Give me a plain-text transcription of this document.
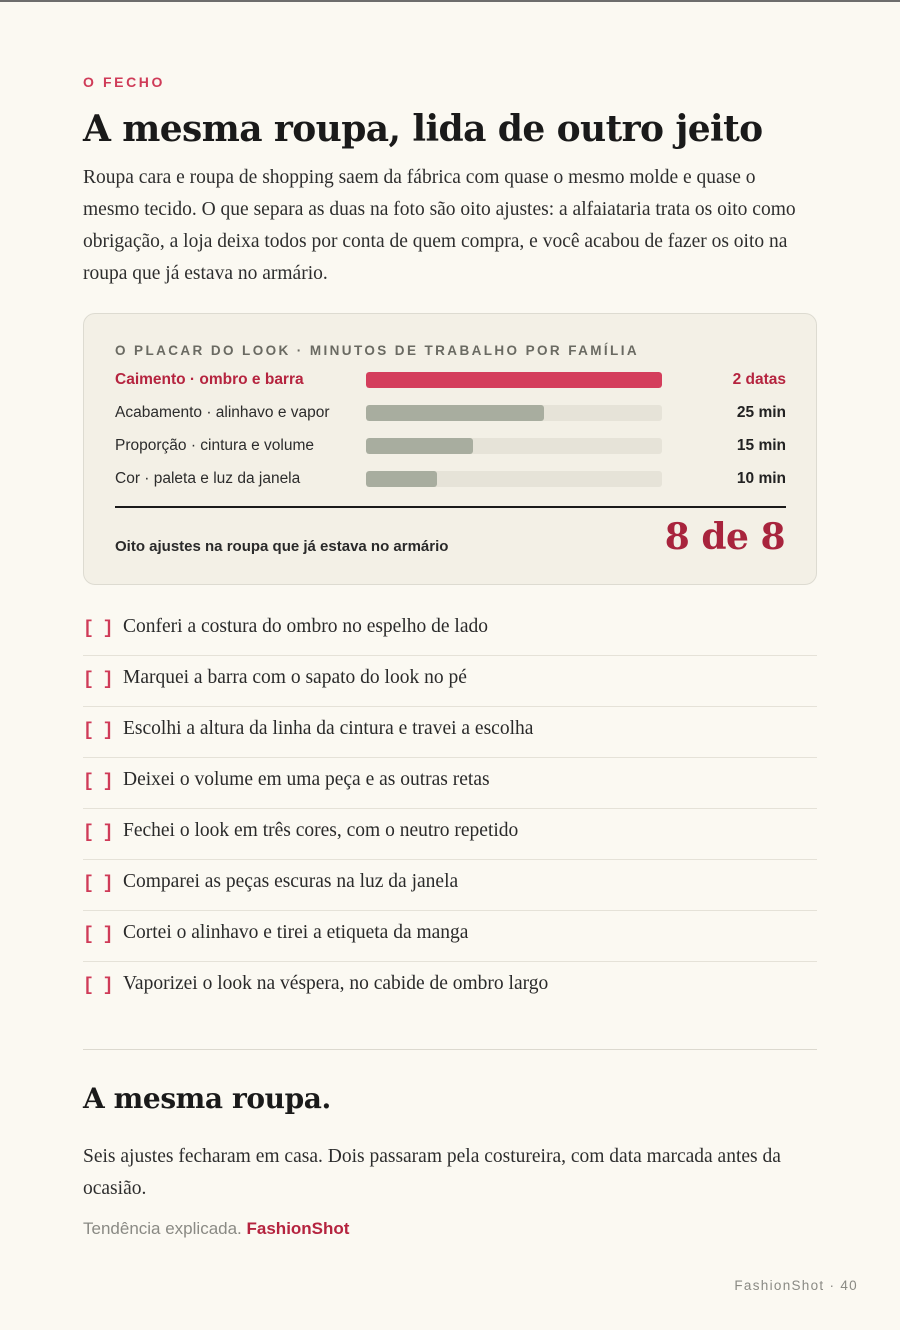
O FECHO
A mesma roupa, lida de outro jeito

Roupa cara e roupa de shopping saem da fábrica com quase o mesmo molde e quase o mesmo tecido. O que separa as duas na foto são oito ajustes: a alfaiataria trata os oito como obrigação, a loja deixa todos por conta de quem compra, e você acabou de fazer os oito na roupa que já estava no armário.

O PLACAR DO LOOK · MINUTOS DE TRABALHO POR FAMÍLIA
Caimento · ombro e barra	2 datas
Acabamento · alinhavo e vapor	25 min
Proporção · cintura e volume	15 min
Cor · paleta e luz da janela	10 min
Oito ajustes na roupa que já estava no armário	8 de 8
[ ] Conferi a costura do ombro no espelho de lado
[ ] Marquei a barra com o sapato do look no pé
[ ] Escolhi a altura da linha da cintura e travei a escolha
[ ] Deixei o volume em uma peça e as outras retas
[ ] Fechei o look em três cores, com o neutro repetido
[ ] Comparei as peças escuras na luz da janela
[ ] Cortei o alinhavo e tirei a etiqueta da manga
[ ] Vaporizei o look na véspera, no cabide de ombro largo
A mesma roupa.

Seis ajustes fecharam em casa. Dois passaram pela costureira, com data marcada antes da ocasião.

Tendência explicada. FashionShot
FashionShot · 40
